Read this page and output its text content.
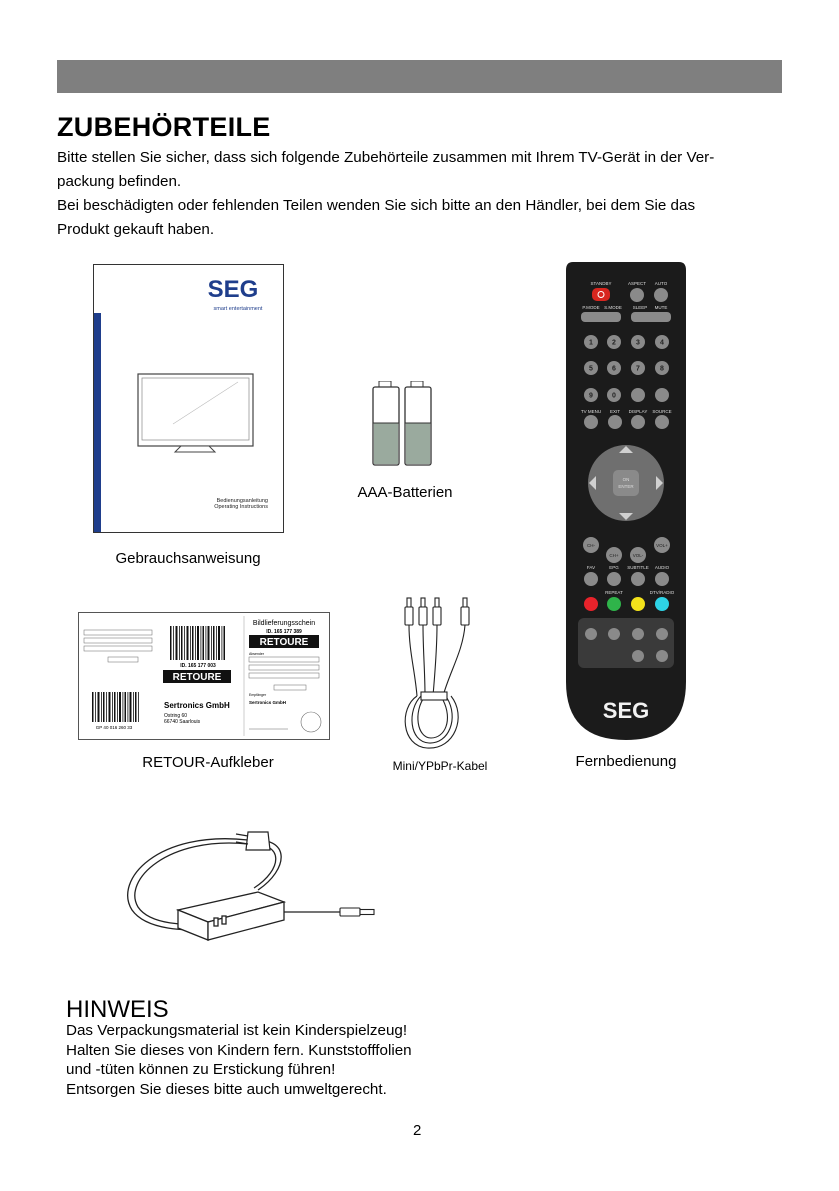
ZUBEHÖRTEILE

Bitte stellen Sie sicher, dass sich folgende Zubehörteile zusammen mit Ihrem TV-Gerät in der Ver-

packung befinden.

Bei beschädigten oder fehlenden Teilen wenden Sie sich bitte an den Händler, bei dem Sie das

Produkt gekauft haben.

SEG
smart entertainment
Bedienungsanleitung
Operating Instructions
Gebrauchsanweisung
AAA-Batterien
STANDBY	ASPECT AUTO
P.MODE S.MODE SLEEP MUTE
TV MENU EXIT DISPLAY SOURCE
FAV	EPG SUBTITLE AUDIO
REPEAT	DTV/RADIO
1	2	3	4
5	6	7	8
9	0
ON
ENTER
CH-
CH+	VOL-
VOL+
SEG
Fernbedienung
ID. 165 177 003
RETOURE
GP 40 016 260 33
Sertronics GmbH
Ostring 60
66740 Saarlouis
Bildlieferungsschein
ID. 165 177 389
RETOURE
Absender
Empfänger
Sertronics GmbH
RETOUR-Aufkleber	Mini/YPbPr-Kabel
HINWEIS

Das Verpackungsmaterial ist kein Kinderspielzeug!

Halten Sie dieses von Kindern fern. Kunststofffolien

und -tüten können zu Erstickung führen!

Entsorgen Sie dieses bitte auch umweltgerecht.

2
